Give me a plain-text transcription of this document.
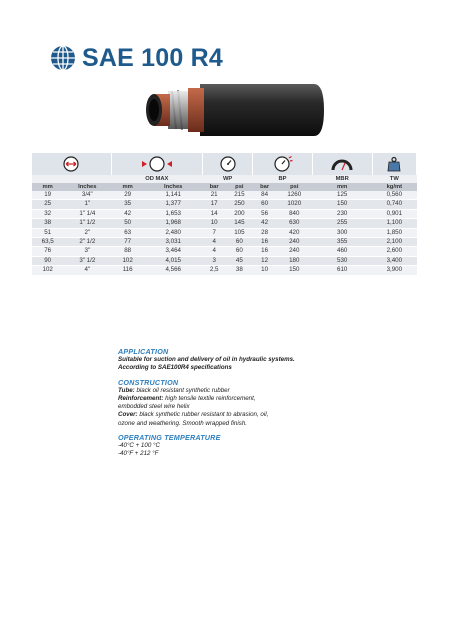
SAE 100 R4

		OD MAX		WP		BP		MBR	TW
mm	Inches	mm	Inches	bar	psi	bar	psi	mm	kg/mt
19	3/4"	29	1,141	21	215	84	1260	125	0,560
25	1"	35	1,377	17	250	60	1020	150	0,740
32	1" 1/4	42	1,653	14	200	56	840	230	0,901
38	1" 1/2	50	1,968	10	145	42	630	255	1,100
51	2"	63	2,480	7	105	28	420	300	1,850
63,5	2" 1/2	77	3,031	4	60	16	240	355	2,100
76	3"	88	3,464	4	60	16	240	460	2,600
90	3" 1/2	102	4,015	3	45	12	180	530	3,400
102	4"	116	4,566	2,5	38	10	150	610	3,900

APPLICATION

Suitable for suction and delivery of oil in hydraulic systems.

According to SAE100R4 specifications

CONSTRUCTION

Tube: black oil resistant synthetic rubber

Reinforcement: high tensile textile reinforcement,

embodded steel wire helix

Cover: black synthetic rubber resistant to abrasion, oil,

ozone and weathering. Smooth wrapped finish.

OPERATING TEMPERATURE

-40°C + 100 °C

-40°F + 212 °F
